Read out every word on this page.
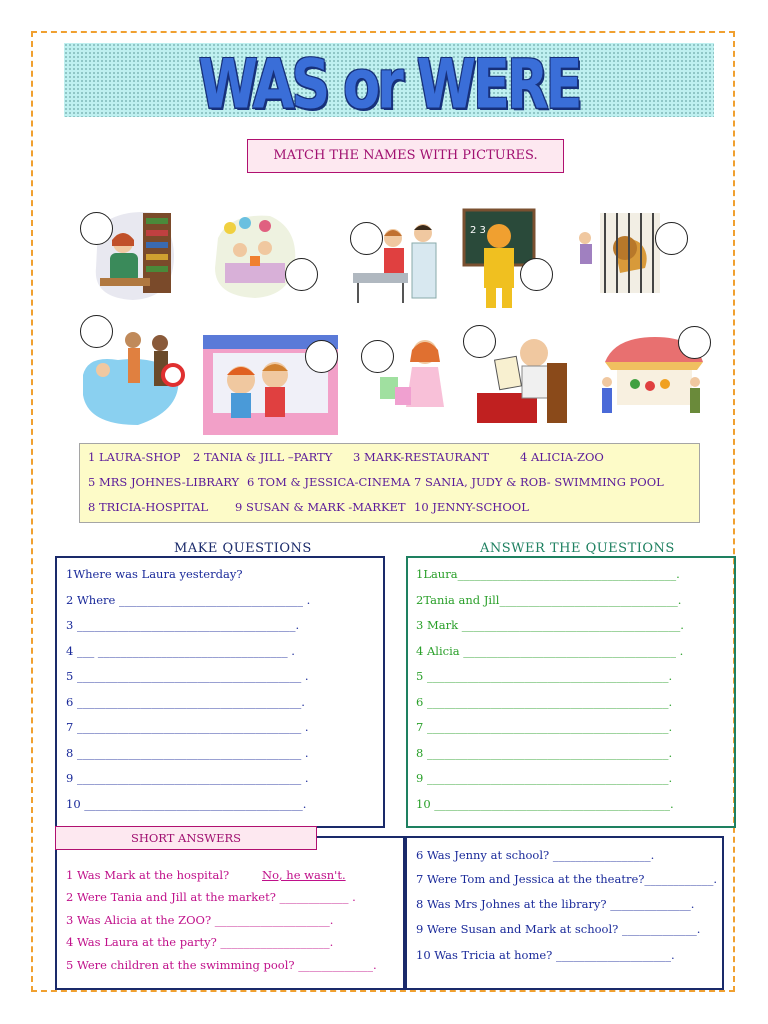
WAS or WERE
MATCH THE NAMES WITH PICTURES.
2 3
1 LAURA-SHOP 2 TANIA & JILL –PARTY 3 MARK-RESTAURANT	4 ALICIA-ZOO
5 MRS JOHNES-LIBRARY 6 TOM & JESSICA-CINEMA 7 SANIA, JUDY & ROB- SWIMMING POOL
8 TRICIA-HOSPITAL 9 SUSAN & MARK -MARKET 10 JENNY-SCHOOL
1Where was Laura yesterday?
2 Where ________________________________ .
3 ______________________________________.
4 ___ _________________________________ .
5 _______________________________________ .
6 _______________________________________.
7 _______________________________________ .
8 _______________________________________ .
9 _______________________________________ .
10 ______________________________________.
MAKE QUESTIONS
1Laura______________________________________.
2Tania and Jill_______________________________.
3 Mark ______________________________________.
4 Alicia _____________________________________ .
5 __________________________________________.
6 __________________________________________.
7 __________________________________________.
8 __________________________________________.
9 __________________________________________.
10 _________________________________________.
ANSWER THE QUESTIONS
1 Was Mark at the hospital?	No, he wasn't.
2 Were Tania and Jill at the market? ____________ .
3 Was Alicia at the ZOO? ____________________.
4 Was Laura at the party? ___________________.
5 Were children at the swimming pool? _____________.
SHORT ANSWERS
6 Was Jenny at school? _________________.
7 Were Tom and Jessica at the theatre?____________.
8 Was Mrs Johnes at the library? ______________.
9 Were Susan and Mark at school? _____________.
10 Was Tricia at home? ____________________.
